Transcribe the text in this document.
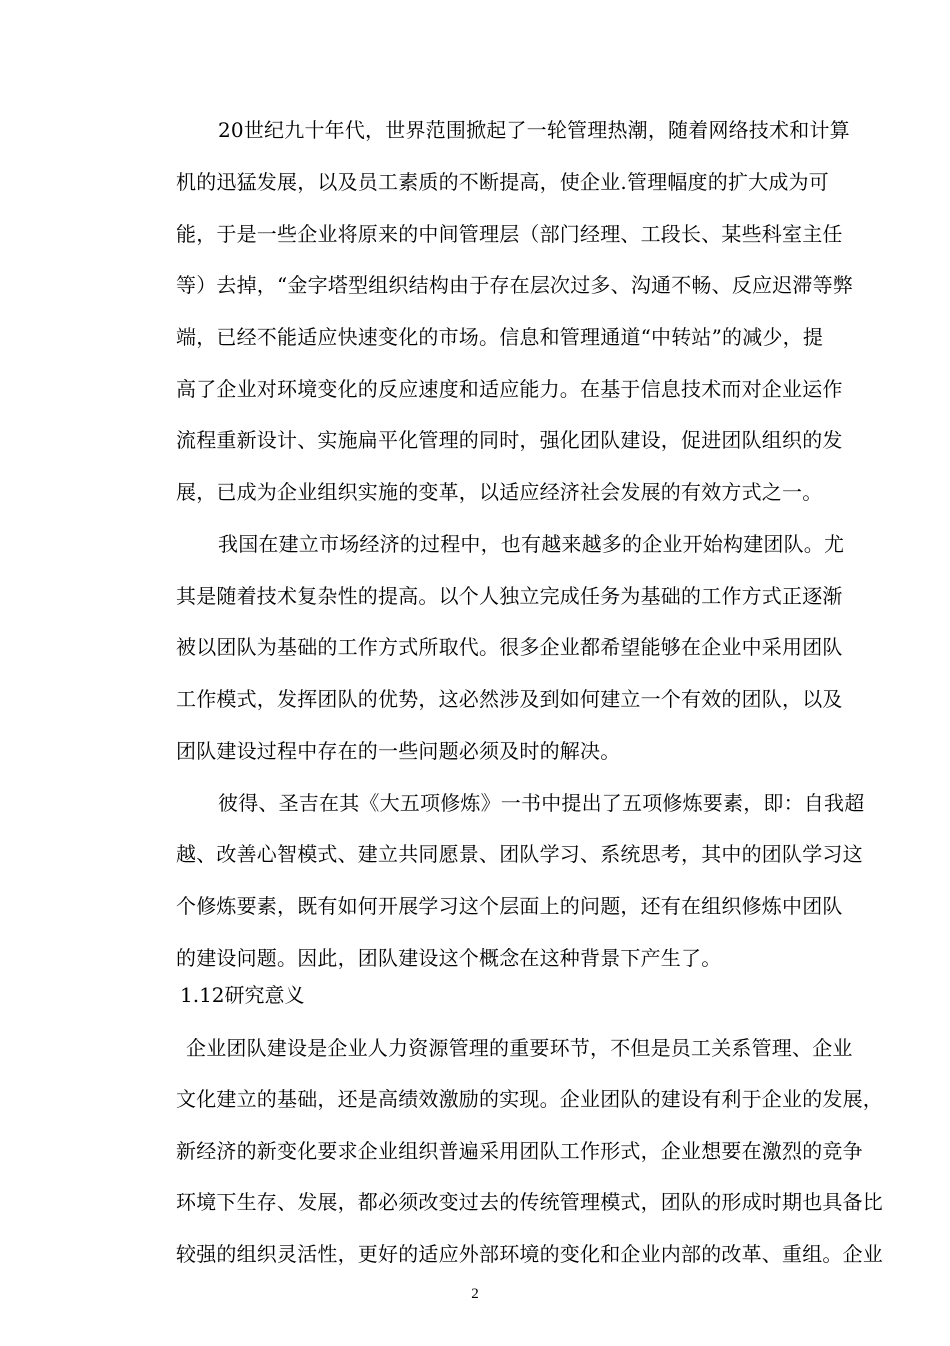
20世纪九十年代，世界范围掀起了一轮管理热潮，随着网络技术和计算
机的迅猛发展，以及员工素质的不断提高，使企业.管理幅度的扩大成为可
能，于是一些企业将原来的中间管理层（部门经理、工段长、某些科室主任
等）去掉，“金字塔型组织结构由于存在层次过多、沟通不畅、反应迟滞等弊
端，已经不能适应快速变化的市场。信息和管理通道“中转站”的减少，提
高了企业对环境变化的反应速度和适应能力。在基于信息技术而对企业运作
流程重新设计、实施扁平化管理的同时，强化团队建设，促进团队组织的发
展，已成为企业组织实施的变革，以适应经济社会发展的有效方式之一。
我国在建立市场经济的过程中，也有越来越多的企业开始构建团队。尤
其是随着技术复杂性的提高。以个人独立完成任务为基础的工作方式正逐渐
被以团队为基础的工作方式所取代。很多企业都希望能够在企业中采用团队
工作模式，发挥团队的优势，这必然涉及到如何建立一个有效的团队，以及
团队建设过程中存在的一些问题必须及时的解决。
彼得、圣吉在其《大五项修炼》一书中提出了五项修炼要素，即：自我超
越、改善心智模式、建立共同愿景、团队学习、系统思考，其中的团队学习这
个修炼要素，既有如何开展学习这个层面上的问题，还有在组织修炼中团队
的建设问题。因此，团队建设这个概念在这种背景下产生了。
1.12研究意义
企业团队建设是企业人力资源管理的重要环节，不但是员工关系管理、企业
文化建立的基础，还是高绩效激励的实现。企业团队的建设有利于企业的发展，
新经济的新变化要求企业组织普遍采用团队工作形式，企业想要在激烈的竞争
环境下生存、发展，都必须改变过去的传统管理模式，团队的形成时期也具备比
较强的组织灵活性，更好的适应外部环境的变化和企业内部的改革、重组。企业
2
